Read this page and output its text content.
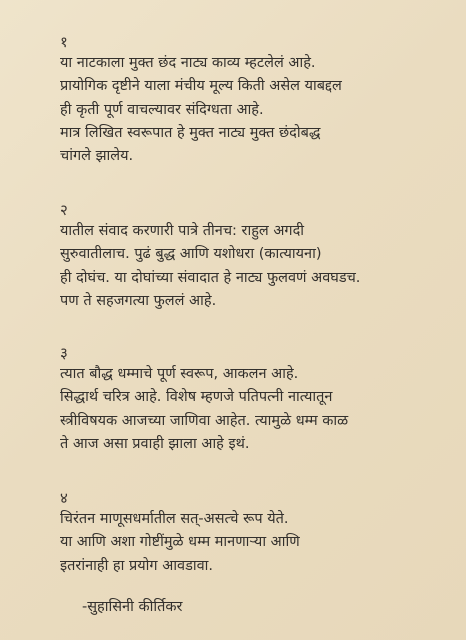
१
या नाटकाला मुक्त छंद नाट्य काव्य म्हटलेलं आहे.
प्रायोगिक दृष्टीने याला मंचीय मूल्य किती असेल याबद्दल
ही कृती पूर्ण वाचल्यावर संदिग्धता आहे.
मात्र लिखित स्वरूपात हे मुक्त नाट्य मुक्त छंदोबद्ध
चांगले झालेय.
२
यातील संवाद करणारी पात्रे तीनच: राहुल अगदी
सुरुवातीलाच. पुढं बुद्ध आणि यशोधरा (कात्यायना)
ही दोघंच. या दोघांच्या संवादात हे नाट्य फुलवणं अवघडच.
पण ते सहजगत्या फुललं आहे.
३
त्यात बौद्ध धम्माचे पूर्ण स्वरूप, आकलन आहे.
सिद्धार्थ चरित्र आहे. विशेष म्हणजे पतिपत्नी नात्यातून
स्त्रीविषयक आजच्या जाणिवा आहेत. त्यामुळे धम्म काळ
ते आज असा प्रवाही झाला आहे इथं.
४
चिरंतन माणूसधर्मातील सत्-असत्चे रूप येते.
या आणि अशा गोष्टींमुळे धम्म मानणाऱ्या आणि
इतरांनाही हा प्रयोग आवडावा.
-सुहासिनी कीर्तिकर
